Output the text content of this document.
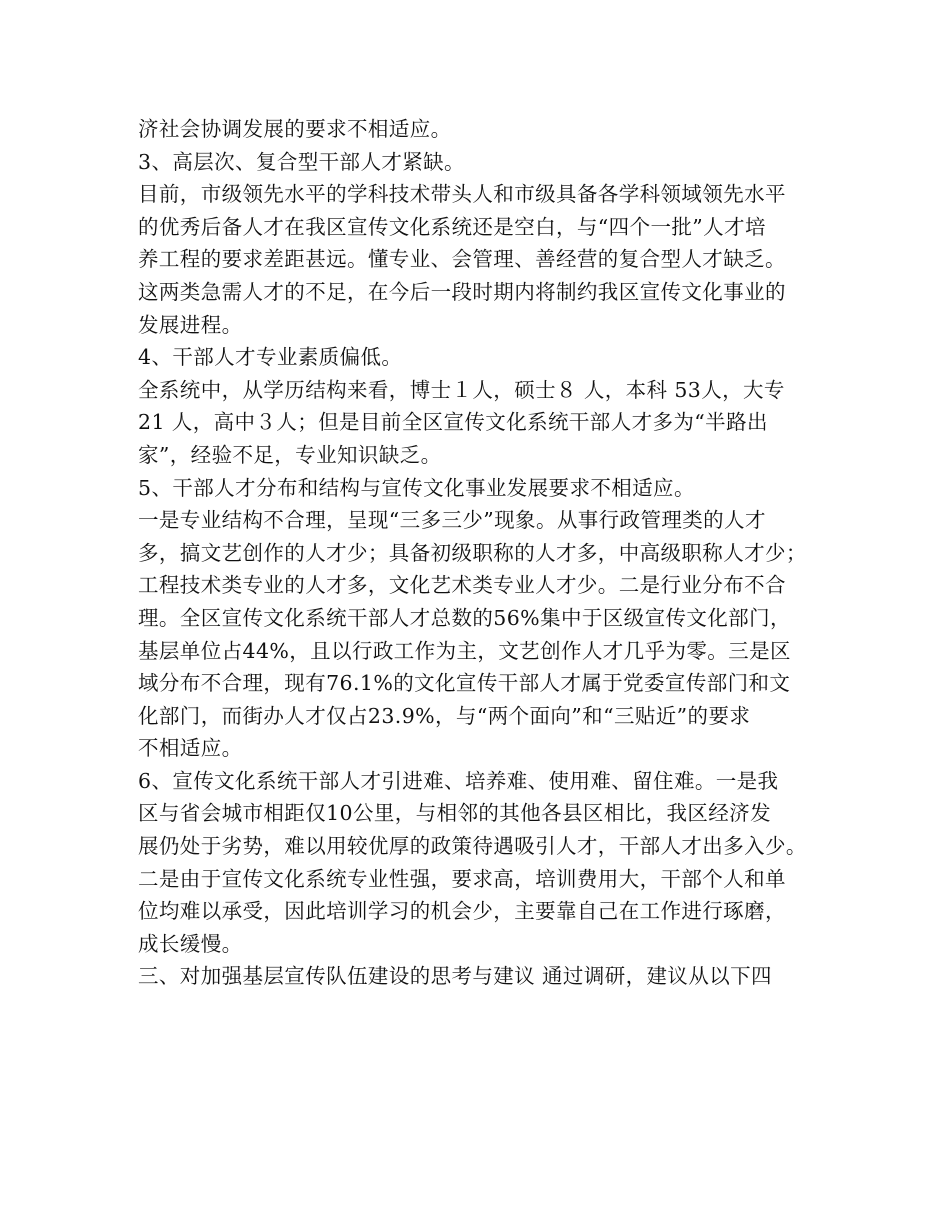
济社会协调发展的要求不相适应。
3、高层次、复合型干部人才紧缺。
目前，市级领先水平的学科技术带头人和市级具备各学科领域领先水平
的优秀后备人才在我区宣传文化系统还是空白，与“四个一批”人才培
养工程的要求差距甚远。懂专业、会管理、善经营的复合型人才缺乏。
这两类急需人才的不足，在今后一段时期内将制约我区宣传文化事业的
发展进程。
4、干部人才专业素质偏低。
全系统中，从学历结构来看，博士１人，硕士８ 人，本科 53人，大专
21 人，高中３人；但是目前全区宣传文化系统干部人才多为“半路出
家”，经验不足，专业知识缺乏。
5、干部人才分布和结构与宣传文化事业发展要求不相适应。
一是专业结构不合理，呈现“三多三少”现象。从事行政管理类的人才
多，搞文艺创作的人才少；具备初级职称的人才多，中高级职称人才少；
工程技术类专业的人才多，文化艺术类专业人才少。二是行业分布不合
理。全区宣传文化系统干部人才总数的56%集中于区级宣传文化部门，
基层单位占44%，且以行政工作为主，文艺创作人才几乎为零。三是区
域分布不合理，现有76.1%的文化宣传干部人才属于党委宣传部门和文
化部门，而街办人才仅占23.9%，与“两个面向”和“三贴近”的要求
不相适应。
6、宣传文化系统干部人才引进难、培养难、使用难、留住难。一是我
区与省会城市相距仅10公里，与相邻的其他各县区相比，我区经济发
展仍处于劣势，难以用较优厚的政策待遇吸引人才，干部人才出多入少。
二是由于宣传文化系统专业性强，要求高，培训费用大，干部个人和单
位均难以承受，因此培训学习的机会少，主要靠自己在工作进行琢磨，
成长缓慢。
三、对加强基层宣传队伍建设的思考与建议 通过调研，建议从以下四
